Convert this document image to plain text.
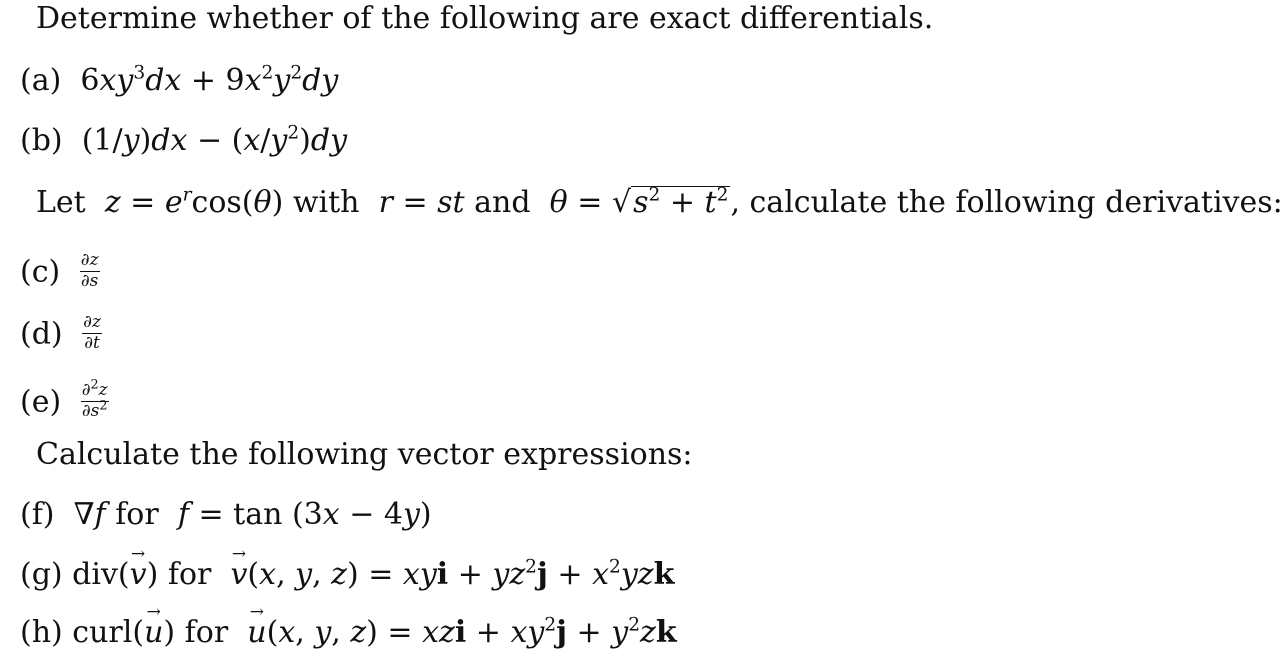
Determine whether of the following are exact differentials.
(a)  $6xy^3dx + 9x^2y^2dy$
(b)  $(1/y)dx - (x/y^2)dy$
Let $z = e^r\cos(\theta)$ with r = st and $\theta = √s^2 + t^2$, calculate the following derivatives:
$(c) \frac{\partial z}{\partial s}$
$(d) \frac{\partial z}{\partial t}$
$(e) \frac{\partial^2z}{\partial s^2}$
Calculate the following vector expressions:
(f)  ∇f for f = tan (3x − 4y)
(g) div(v →) for v →(x, y, z) = xyi + $yz^2j + x^2yzk$
(h) curl(u →) for u →(x, y, z) = xzi + $xy^2j + y^2zk$
